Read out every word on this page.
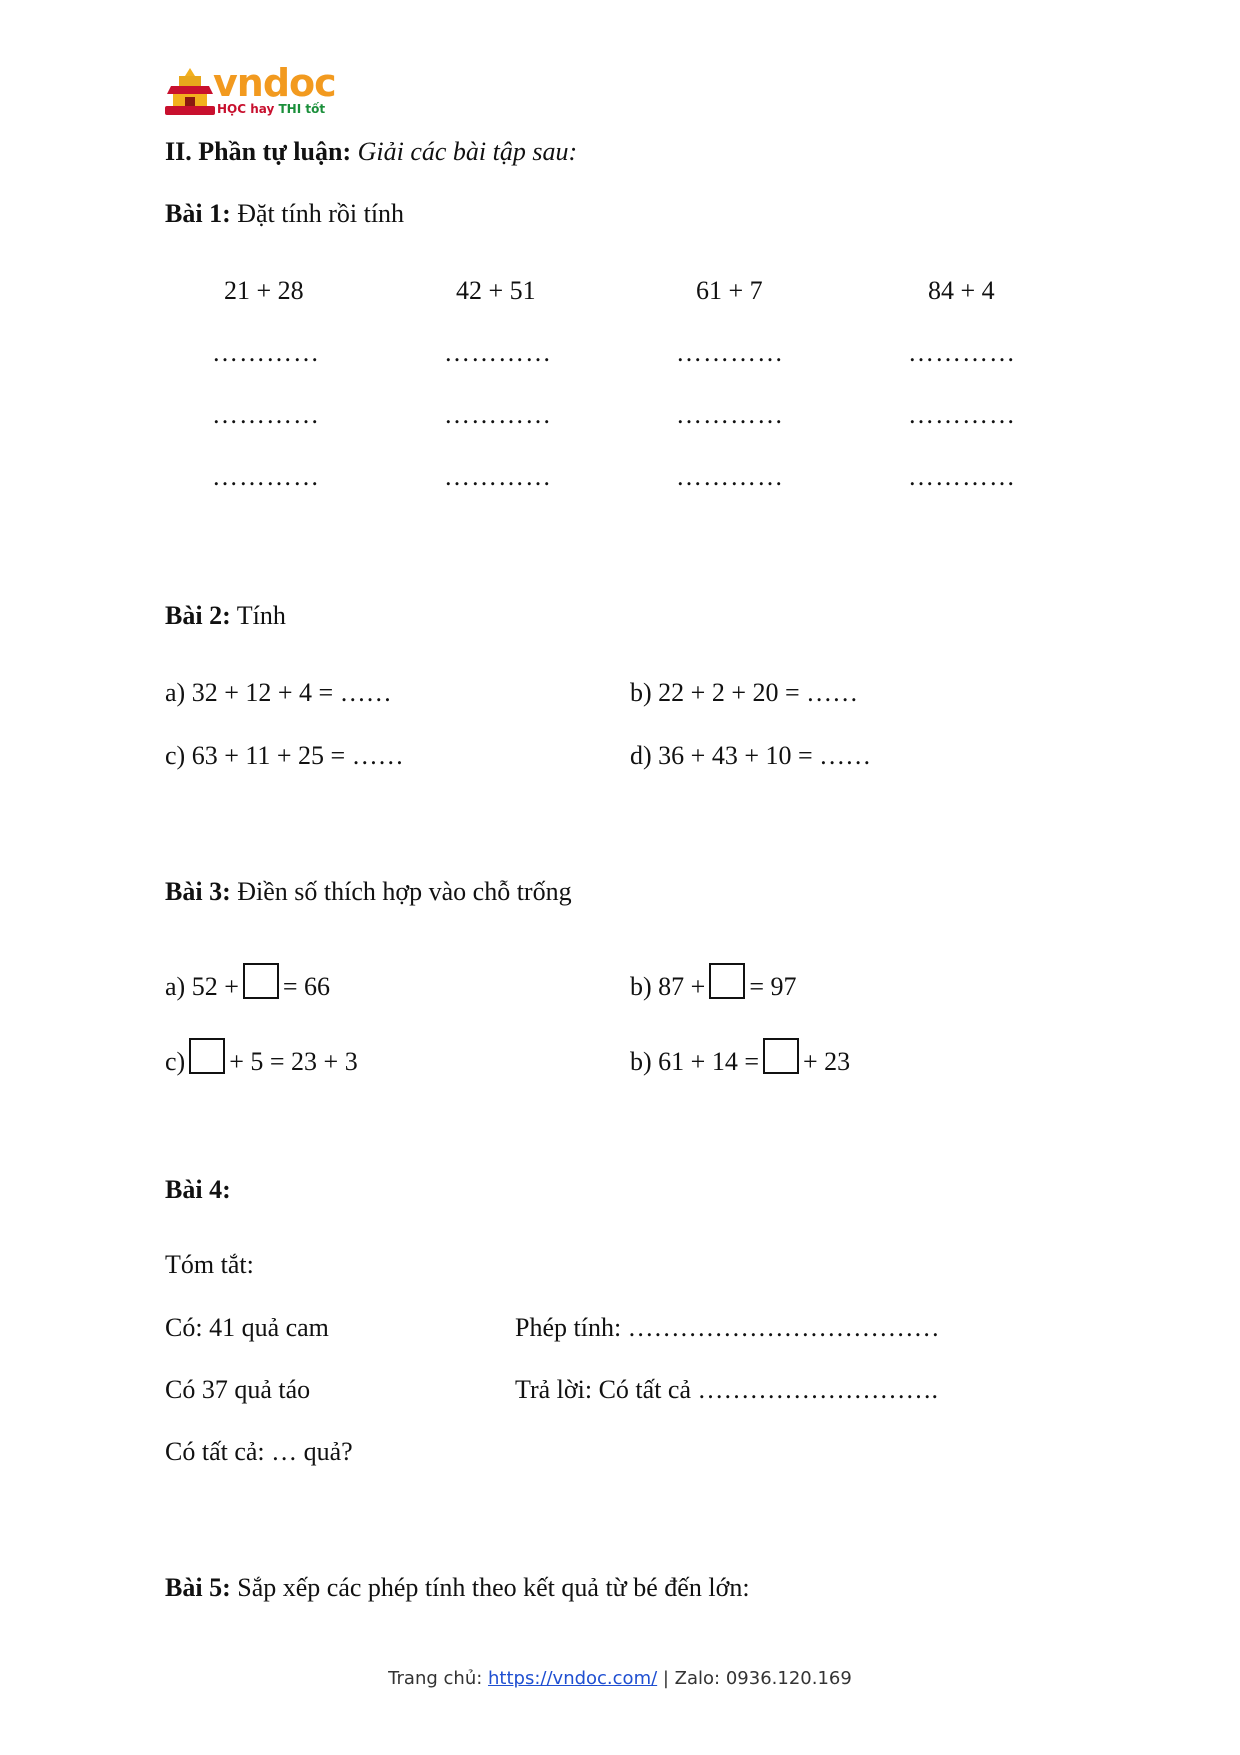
vndoc
HỌC hay THI tốt
II. Phần tự luận: Giải các bài tập sau:
Bài 1: Đặt tính rồi tính
21 + 28	42 + 51	61 + 7	84 + 4
…………	…………	…………	…………
…………	…………	…………	…………
…………	…………	…………	…………
Bài 2: Tính
a) 32 + 12 + 4 = ……	b) 22 + 2 + 20 = ……
c) 63 + 11 + 25 = ……	d) 36 + 43 + 10 = ……
Bài 3: Điền số thích hợp vào chỗ trống
a) 52 + = 66	b) 87 + = 97
c) + 5 = 23 + 3	b) 61 + 14 = + 23
Bài 4:
Tóm tắt:
Có: 41 quả cam	Phép tính: ………………………………
Có 37 quả táo	Trả lời: Có tất cả ……………………….
Có tất cả: … quả?
Bài 5: Sắp xếp các phép tính theo kết quả từ bé đến lớn:
Trang chủ: https://vndoc.com/ | Zalo: 0936.120.169
